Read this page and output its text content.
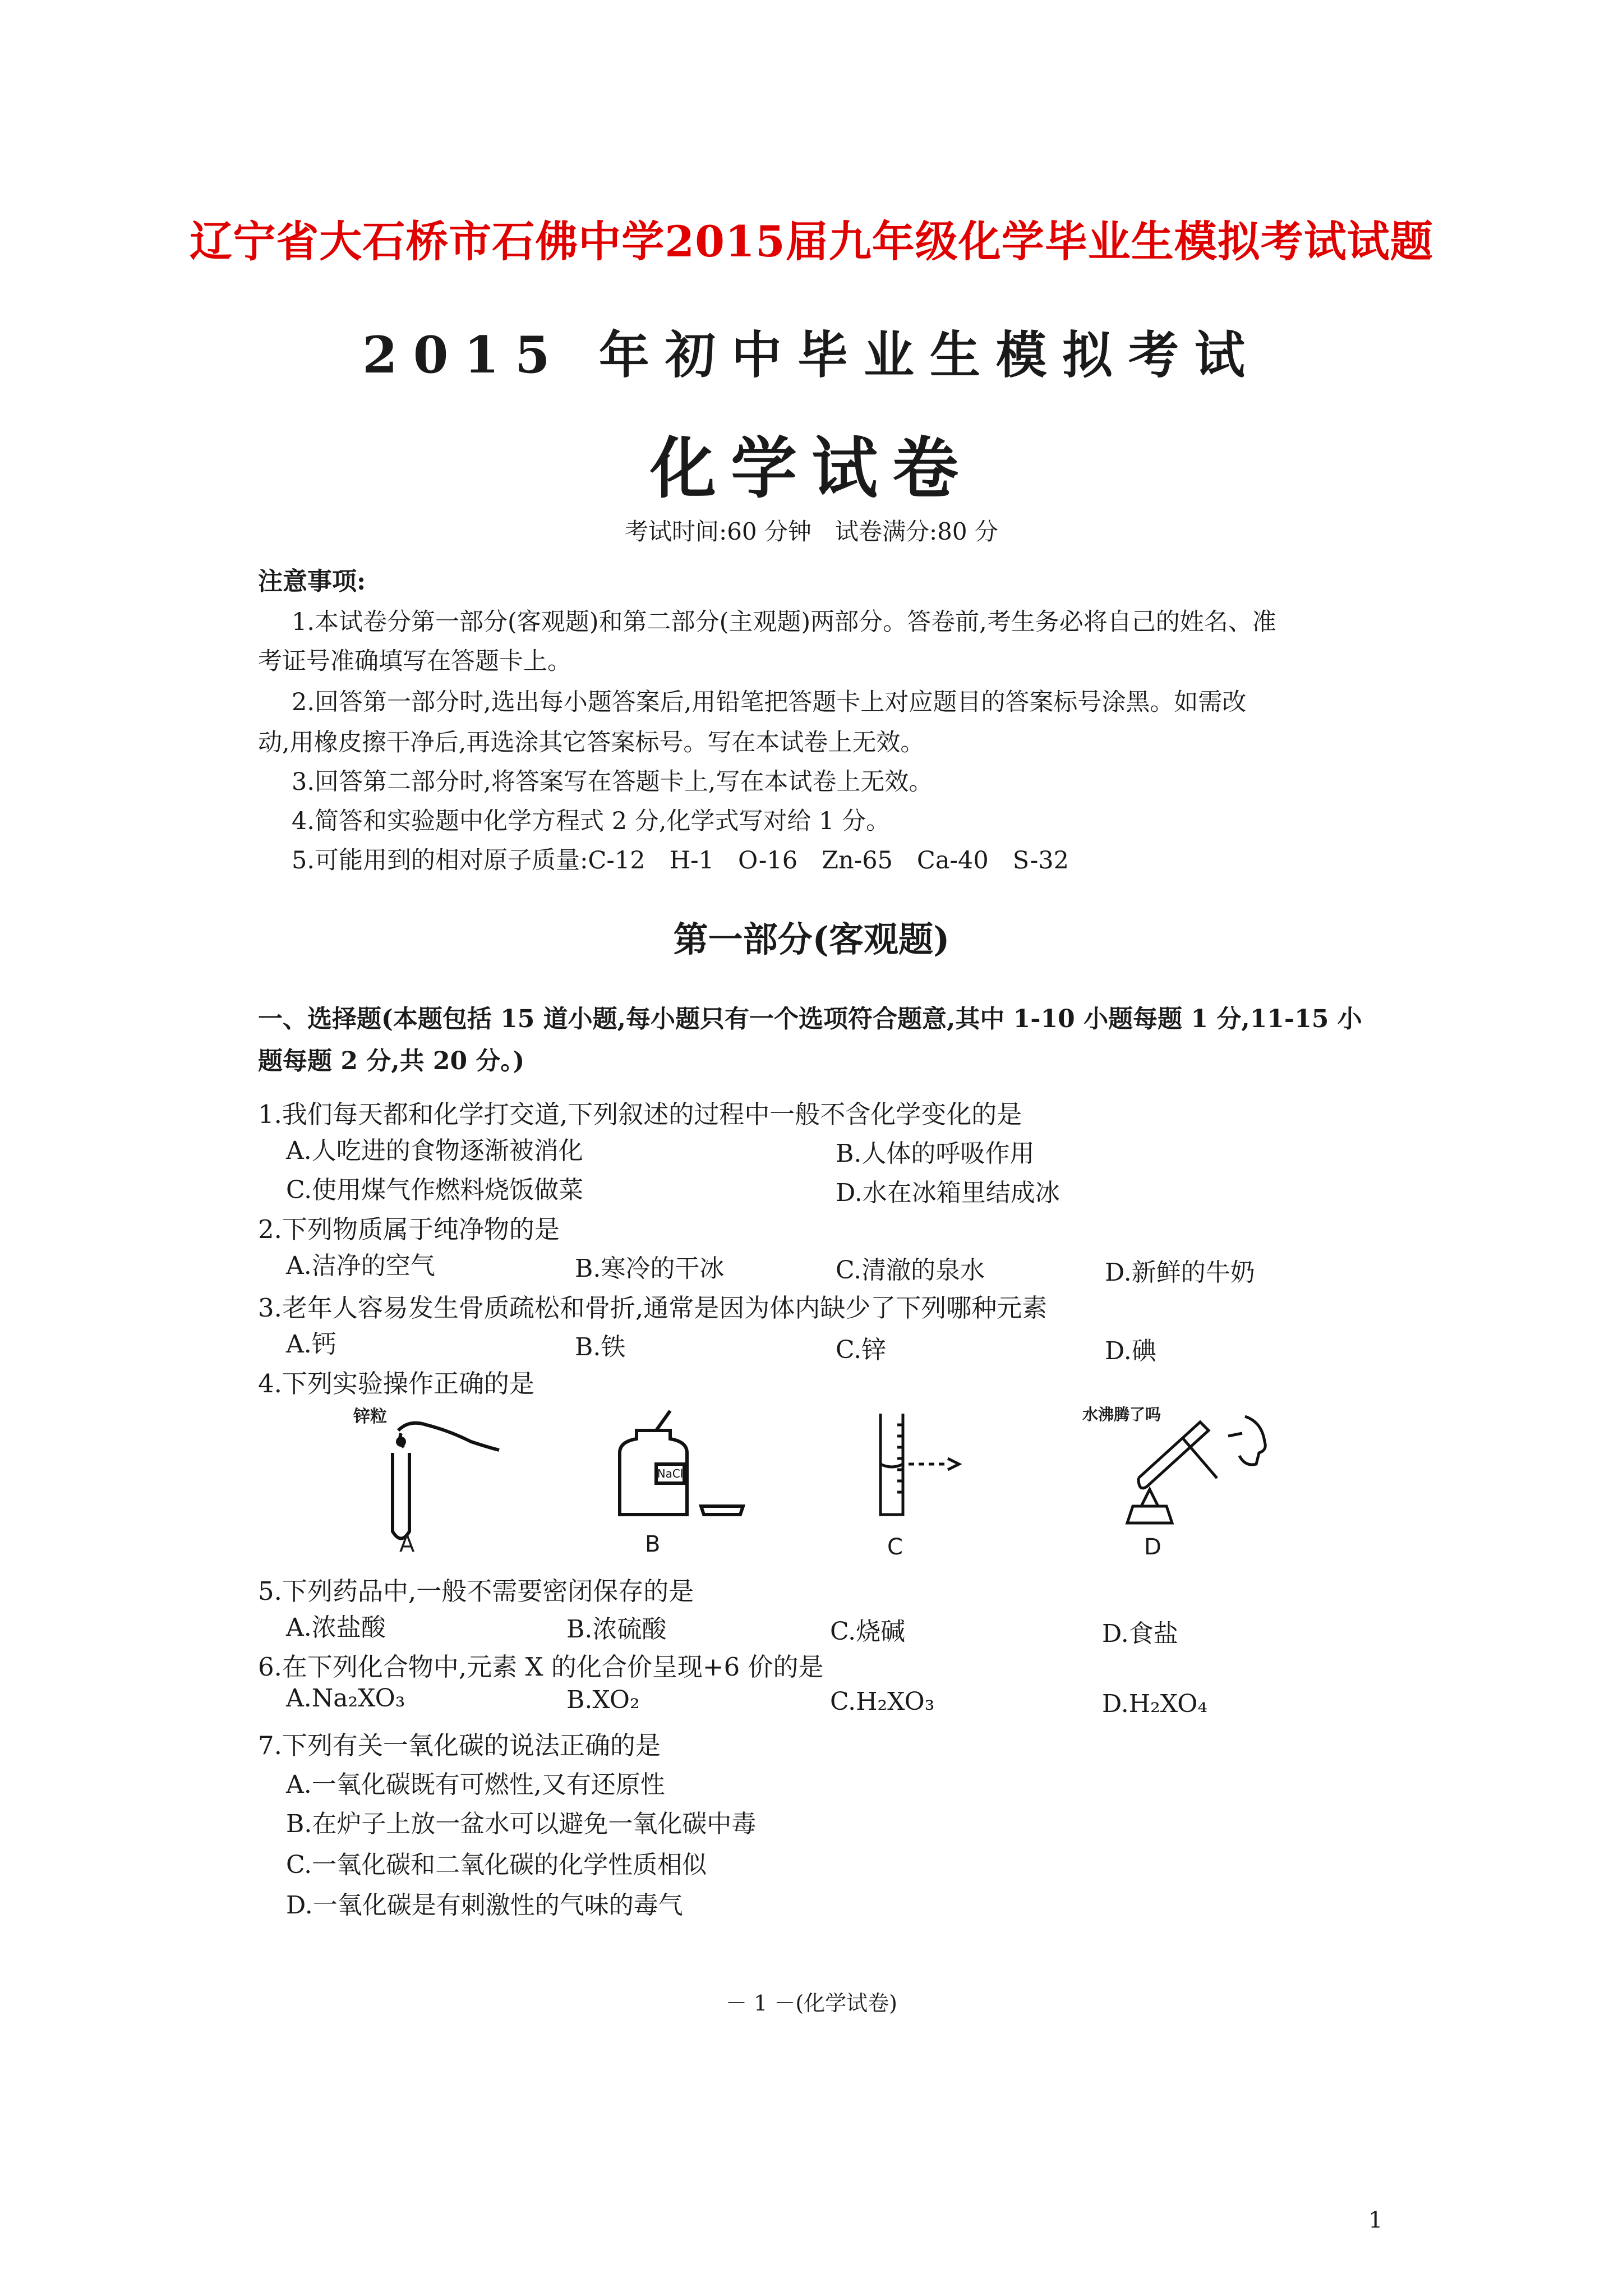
辽宁省大石桥市石佛中学2015届九年级化学毕业生模拟考试试题
2015 年初中毕业生模拟考试
化学试卷
考试时间:60 分钟　试卷满分:80 分
注意事项:
1.本试卷分第一部分(客观题)和第二部分(主观题)两部分。答卷前,考生务必将自己的姓名、准
考证号准确填写在答题卡上。
2.回答第一部分时,选出每小题答案后,用铅笔把答题卡上对应题目的答案标号涂黑。如需改
动,用橡皮擦干净后,再选涂其它答案标号。写在本试卷上无效。
3.回答第二部分时,将答案写在答题卡上,写在本试卷上无效。
4.简答和实验题中化学方程式 2 分,化学式写对给 1 分。
5.可能用到的相对原子质量:C-12　H-1　O-16　Zn-65　Ca-40　S-32
第一部分(客观题)
一、选择题(本题包括 15 道小题,每小题只有一个选项符合题意,其中 1-10 小题每题 1 分,11-15 小
题每题 2 分,共 20 分。)
1.我们每天都和化学打交道,下列叙述的过程中一般不含化学变化的是
A.人吃进的食物逐渐被消化	B.人体的呼吸作用
C.使用煤气作燃料烧饭做菜	D.水在冰箱里结成冰
2.下列物质属于纯净物的是
A.洁净的空气	B.寒冷的干冰	C.清澈的泉水	D.新鲜的牛奶
3.老年人容易发生骨质疏松和骨折,通常是因为体内缺少了下列哪种元素
A.钙	B.铁	C.锌	D.碘
4.下列实验操作正确的是
锌粒
A
NaCl
B	C
水沸腾了吗
D
5.下列药品中,一般不需要密闭保存的是
A.浓盐酸	B.浓硫酸	C.烧碱	D.食盐
6.在下列化合物中,元素 X 的化合价呈现+6 价的是
A.Na₂XO₃	B.XO₂	C.H₂XO₃	D.H₂XO₄
7.下列有关一氧化碳的说法正确的是
A.一氧化碳既有可燃性,又有还原性
B.在炉子上放一盆水可以避免一氧化碳中毒
C.一氧化碳和二氧化碳的化学性质相似
D.一氧化碳是有刺激性的气味的毒气
－ 1 －(化学试卷)
1
